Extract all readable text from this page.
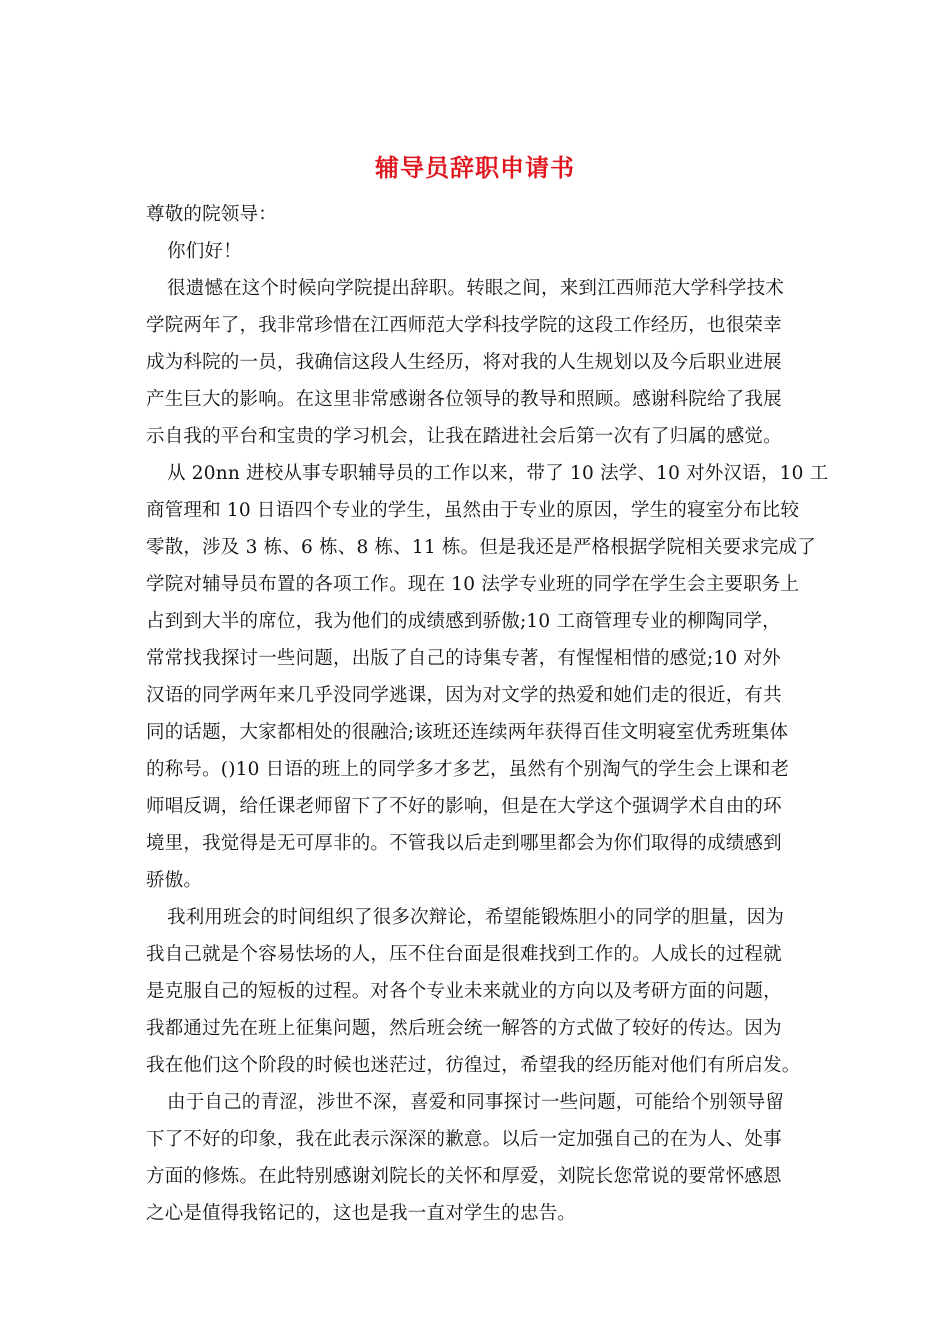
辅导员辞职申请书
尊敬的院领导：
你们好！
很遗憾在这个时候向学院提出辞职。转眼之间，来到江西师范大学科学技术
学院两年了，我非常珍惜在江西师范大学科技学院的这段工作经历，也很荣幸
成为科院的一员，我确信这段人生经历，将对我的人生规划以及今后职业进展
产生巨大的影响。在这里非常感谢各位领导的教导和照顾。感谢科院给了我展
示自我的平台和宝贵的学习机会，让我在踏进社会后第一次有了归属的感觉。
从 20nn 进校从事专职辅导员的工作以来，带了 10 法学、10 对外汉语，10 工
商管理和 10 日语四个专业的学生，虽然由于专业的原因，学生的寝室分布比较
零散，涉及 3 栋、6 栋、8 栋、11 栋。但是我还是严格根据学院相关要求完成了
学院对辅导员布置的各项工作。现在 10 法学专业班的同学在学生会主要职务上
占到到大半的席位，我为他们的成绩感到骄傲;10 工商管理专业的柳陶同学，
常常找我探讨一些问题，出版了自己的诗集专著，有惺惺相惜的感觉;10 对外
汉语的同学两年来几乎没同学逃课，因为对文学的热爱和她们走的很近，有共
同的话题，大家都相处的很融洽;该班还连续两年获得百佳文明寝室优秀班集体
的称号。()10 日语的班上的同学多才多艺，虽然有个别淘气的学生会上课和老
师唱反调，给任课老师留下了不好的影响，但是在大学这个强调学术自由的环
境里，我觉得是无可厚非的。不管我以后走到哪里都会为你们取得的成绩感到
骄傲。
我利用班会的时间组织了很多次辩论，希望能锻炼胆小的同学的胆量，因为
我自己就是个容易怯场的人，压不住台面是很难找到工作的。人成长的过程就
是克服自己的短板的过程。对各个专业未来就业的方向以及考研方面的问题，
我都通过先在班上征集问题，然后班会统一解答的方式做了较好的传达。因为
我在他们这个阶段的时候也迷茫过，彷徨过，希望我的经历能对他们有所启发。
由于自己的青涩，涉世不深，喜爱和同事探讨一些问题，可能给个别领导留
下了不好的印象，我在此表示深深的歉意。以后一定加强自己的在为人、处事
方面的修炼。在此特别感谢刘院长的关怀和厚爱，刘院长您常说的要常怀感恩
之心是值得我铭记的，这也是我一直对学生的忠告。
